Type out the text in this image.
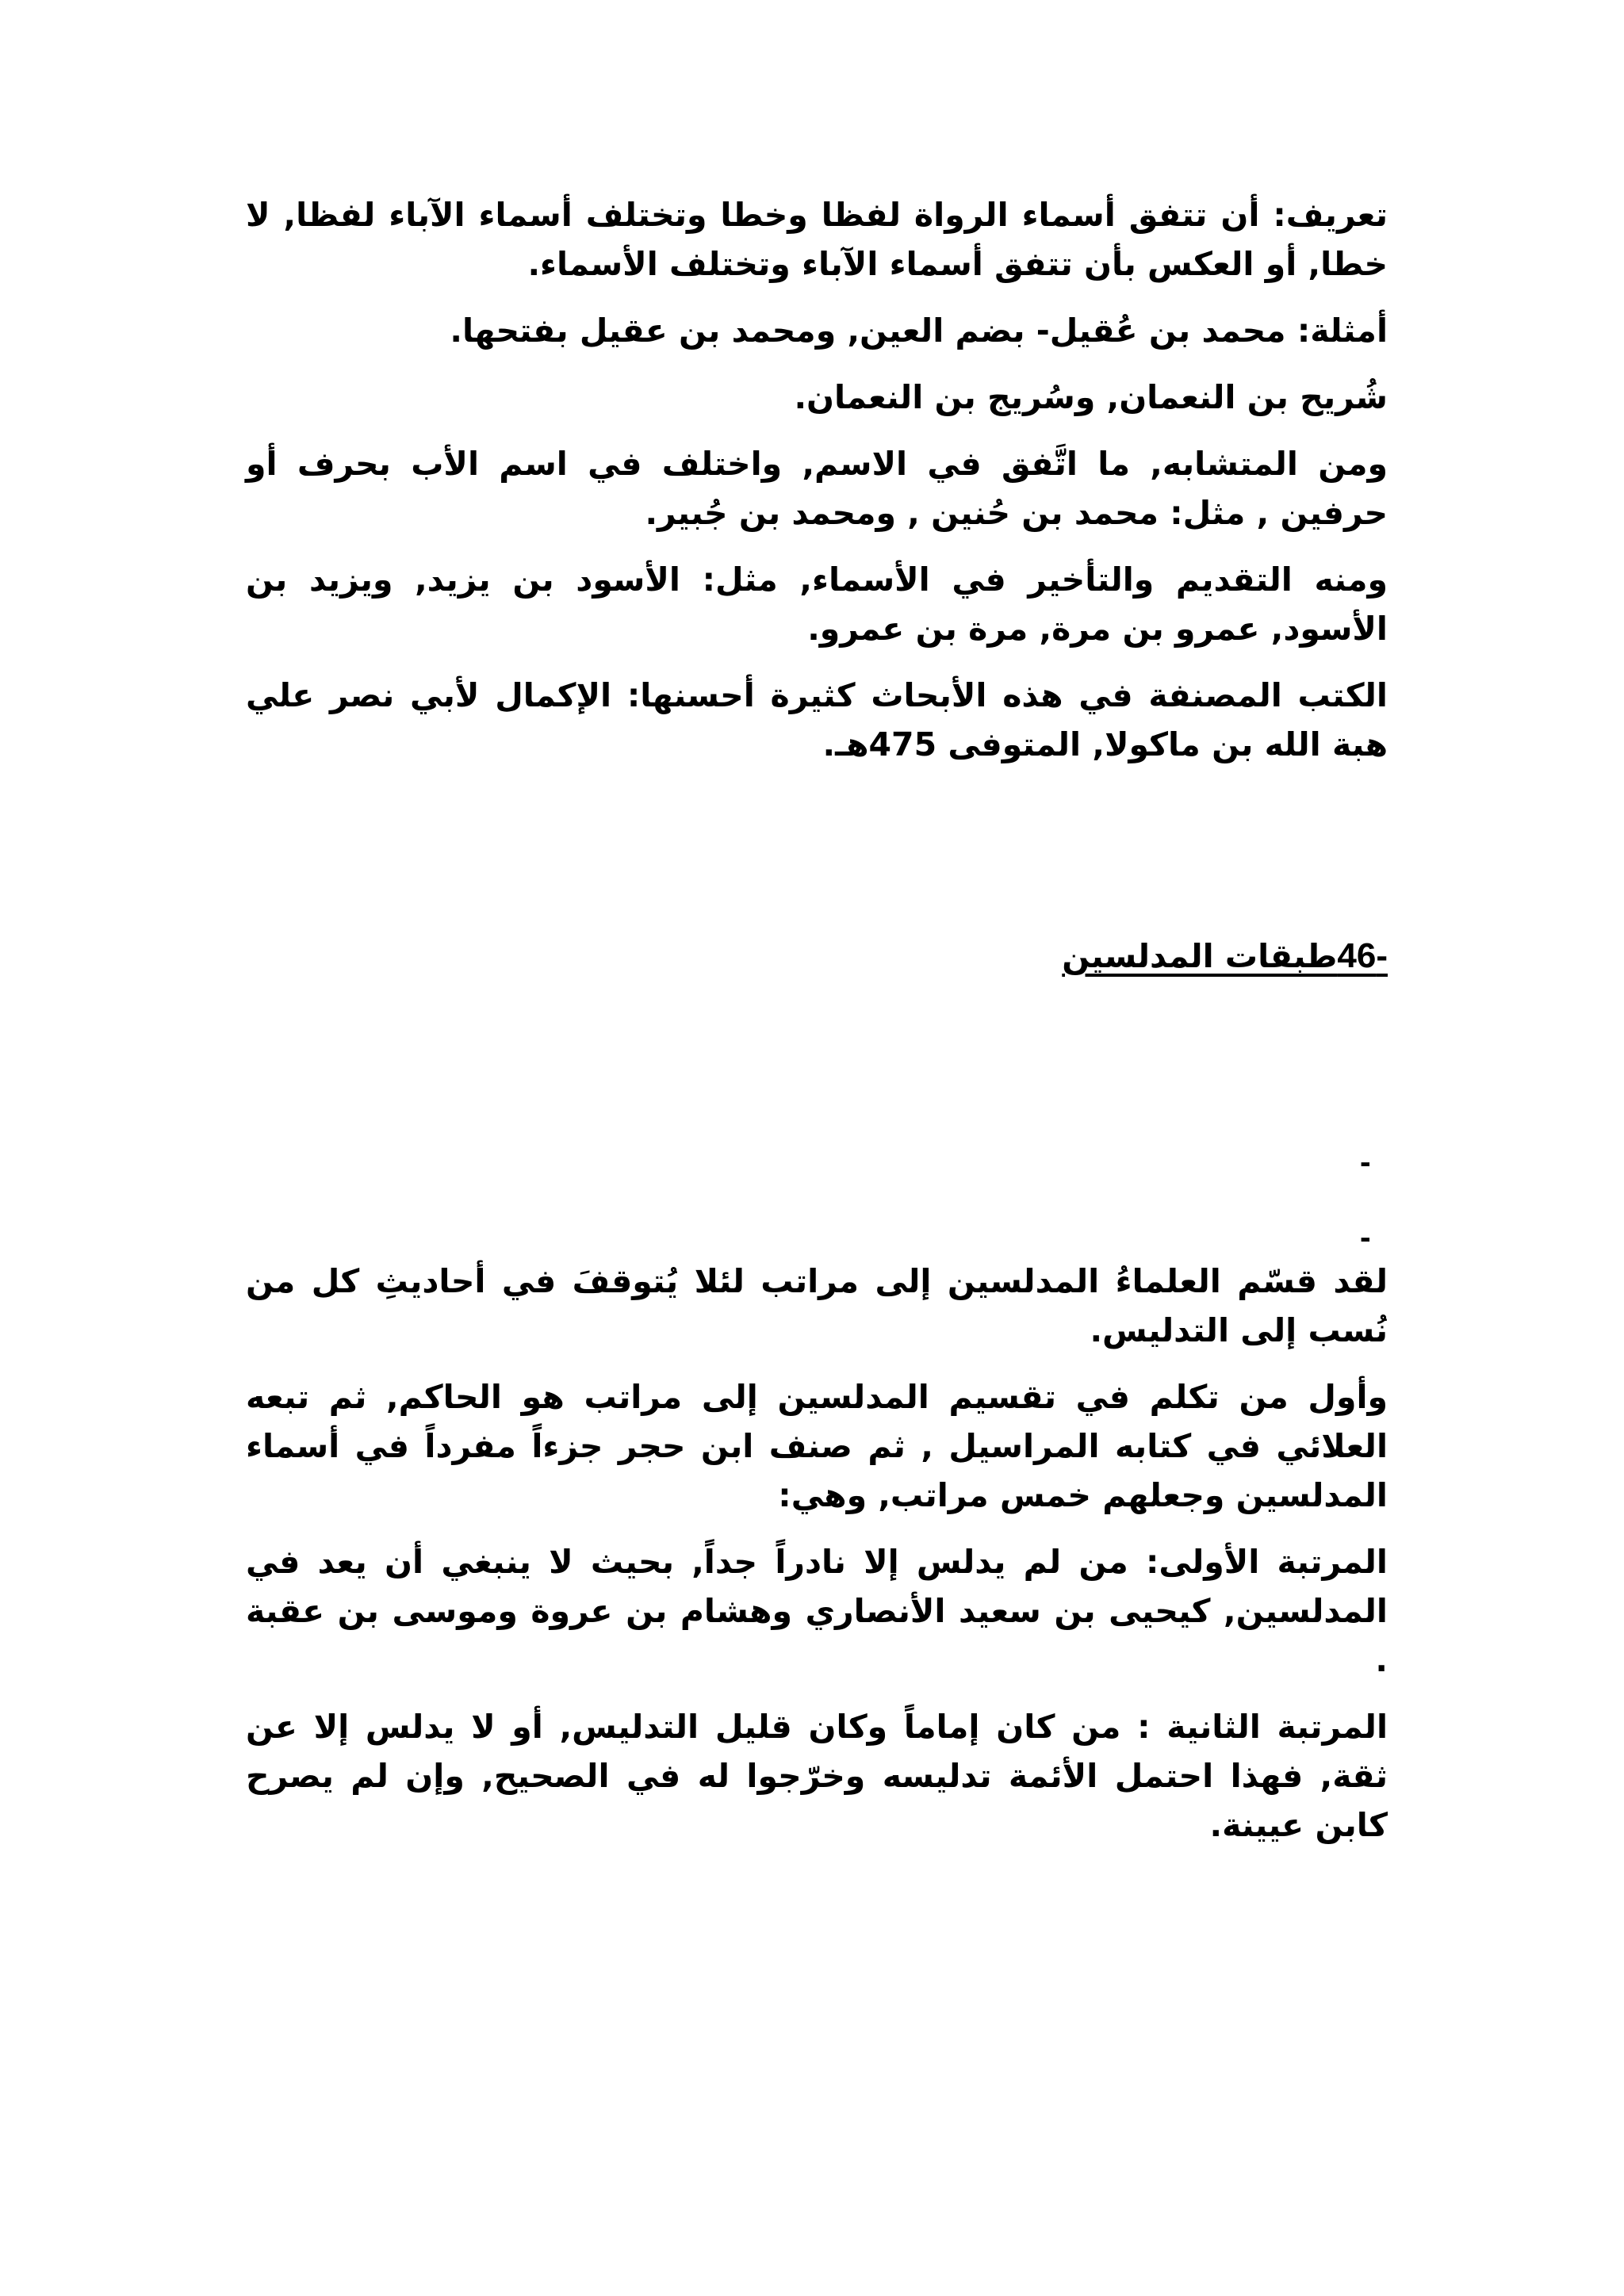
تعريف: أن تتفق أسماء الرواة لفظا وخطا وتختلف أسماء الآباء لفظا, لا خطا, أو العكس بأن تتفق أسماء الآباء وتختلف الأسماء.

أمثلة: محمد بن عُقيل- بضم العين, ومحمد بن عقيل بفتحها.

شُريح بن النعمان, وسُريج بن النعمان.

ومن المتشابه, ما اتَّفق في الاسم, واختلف في اسم الأب بحرف أو حرفين , مثل: محمد بن حُنين , ومحمد بن جُبير.

ومنه التقديم والتأخير في الأسماء, مثل: الأسود بن يزيد, ويزيد بن الأسود, عمرو بن مرة, مرة بن عمرو.

الكتب المصنفة في هذه الأبحاث كثيرة أحسنها: الإكمال لأبي نصر علي هبة الله بن ماكولا, المتوفى 475هـ.

-46طبقات المدلسين
-
-

لقد قسّم العلماءُ المدلسين إلى مراتب لئلا يُتوقفَ في أحاديثِ كل من نُسب إلى التدليس.

وأول من تكلم في تقسيم المدلسين إلى مراتب هو الحاكم, ثم تبعه العلائي في كتابه المراسيل , ثم صنف ابن حجر جزءاً مفرداً في أسماء المدلسين وجعلهم خمس مراتب, وهي:

المرتبة الأولى: من لم يدلس إلا نادراً جداً, بحيث لا ينبغي أن يعد في المدلسين, كيحيى بن سعيد الأنصاري وهشام بن عروة وموسى بن عقبة .

المرتبة الثانية : من كان إماماً وكان قليل التدليس, أو لا يدلس إلا عن ثقة, فهذا احتمل الأئمة تدليسه وخرّجوا له في الصحيح, وإن لم يصرح كابن عيينة.
